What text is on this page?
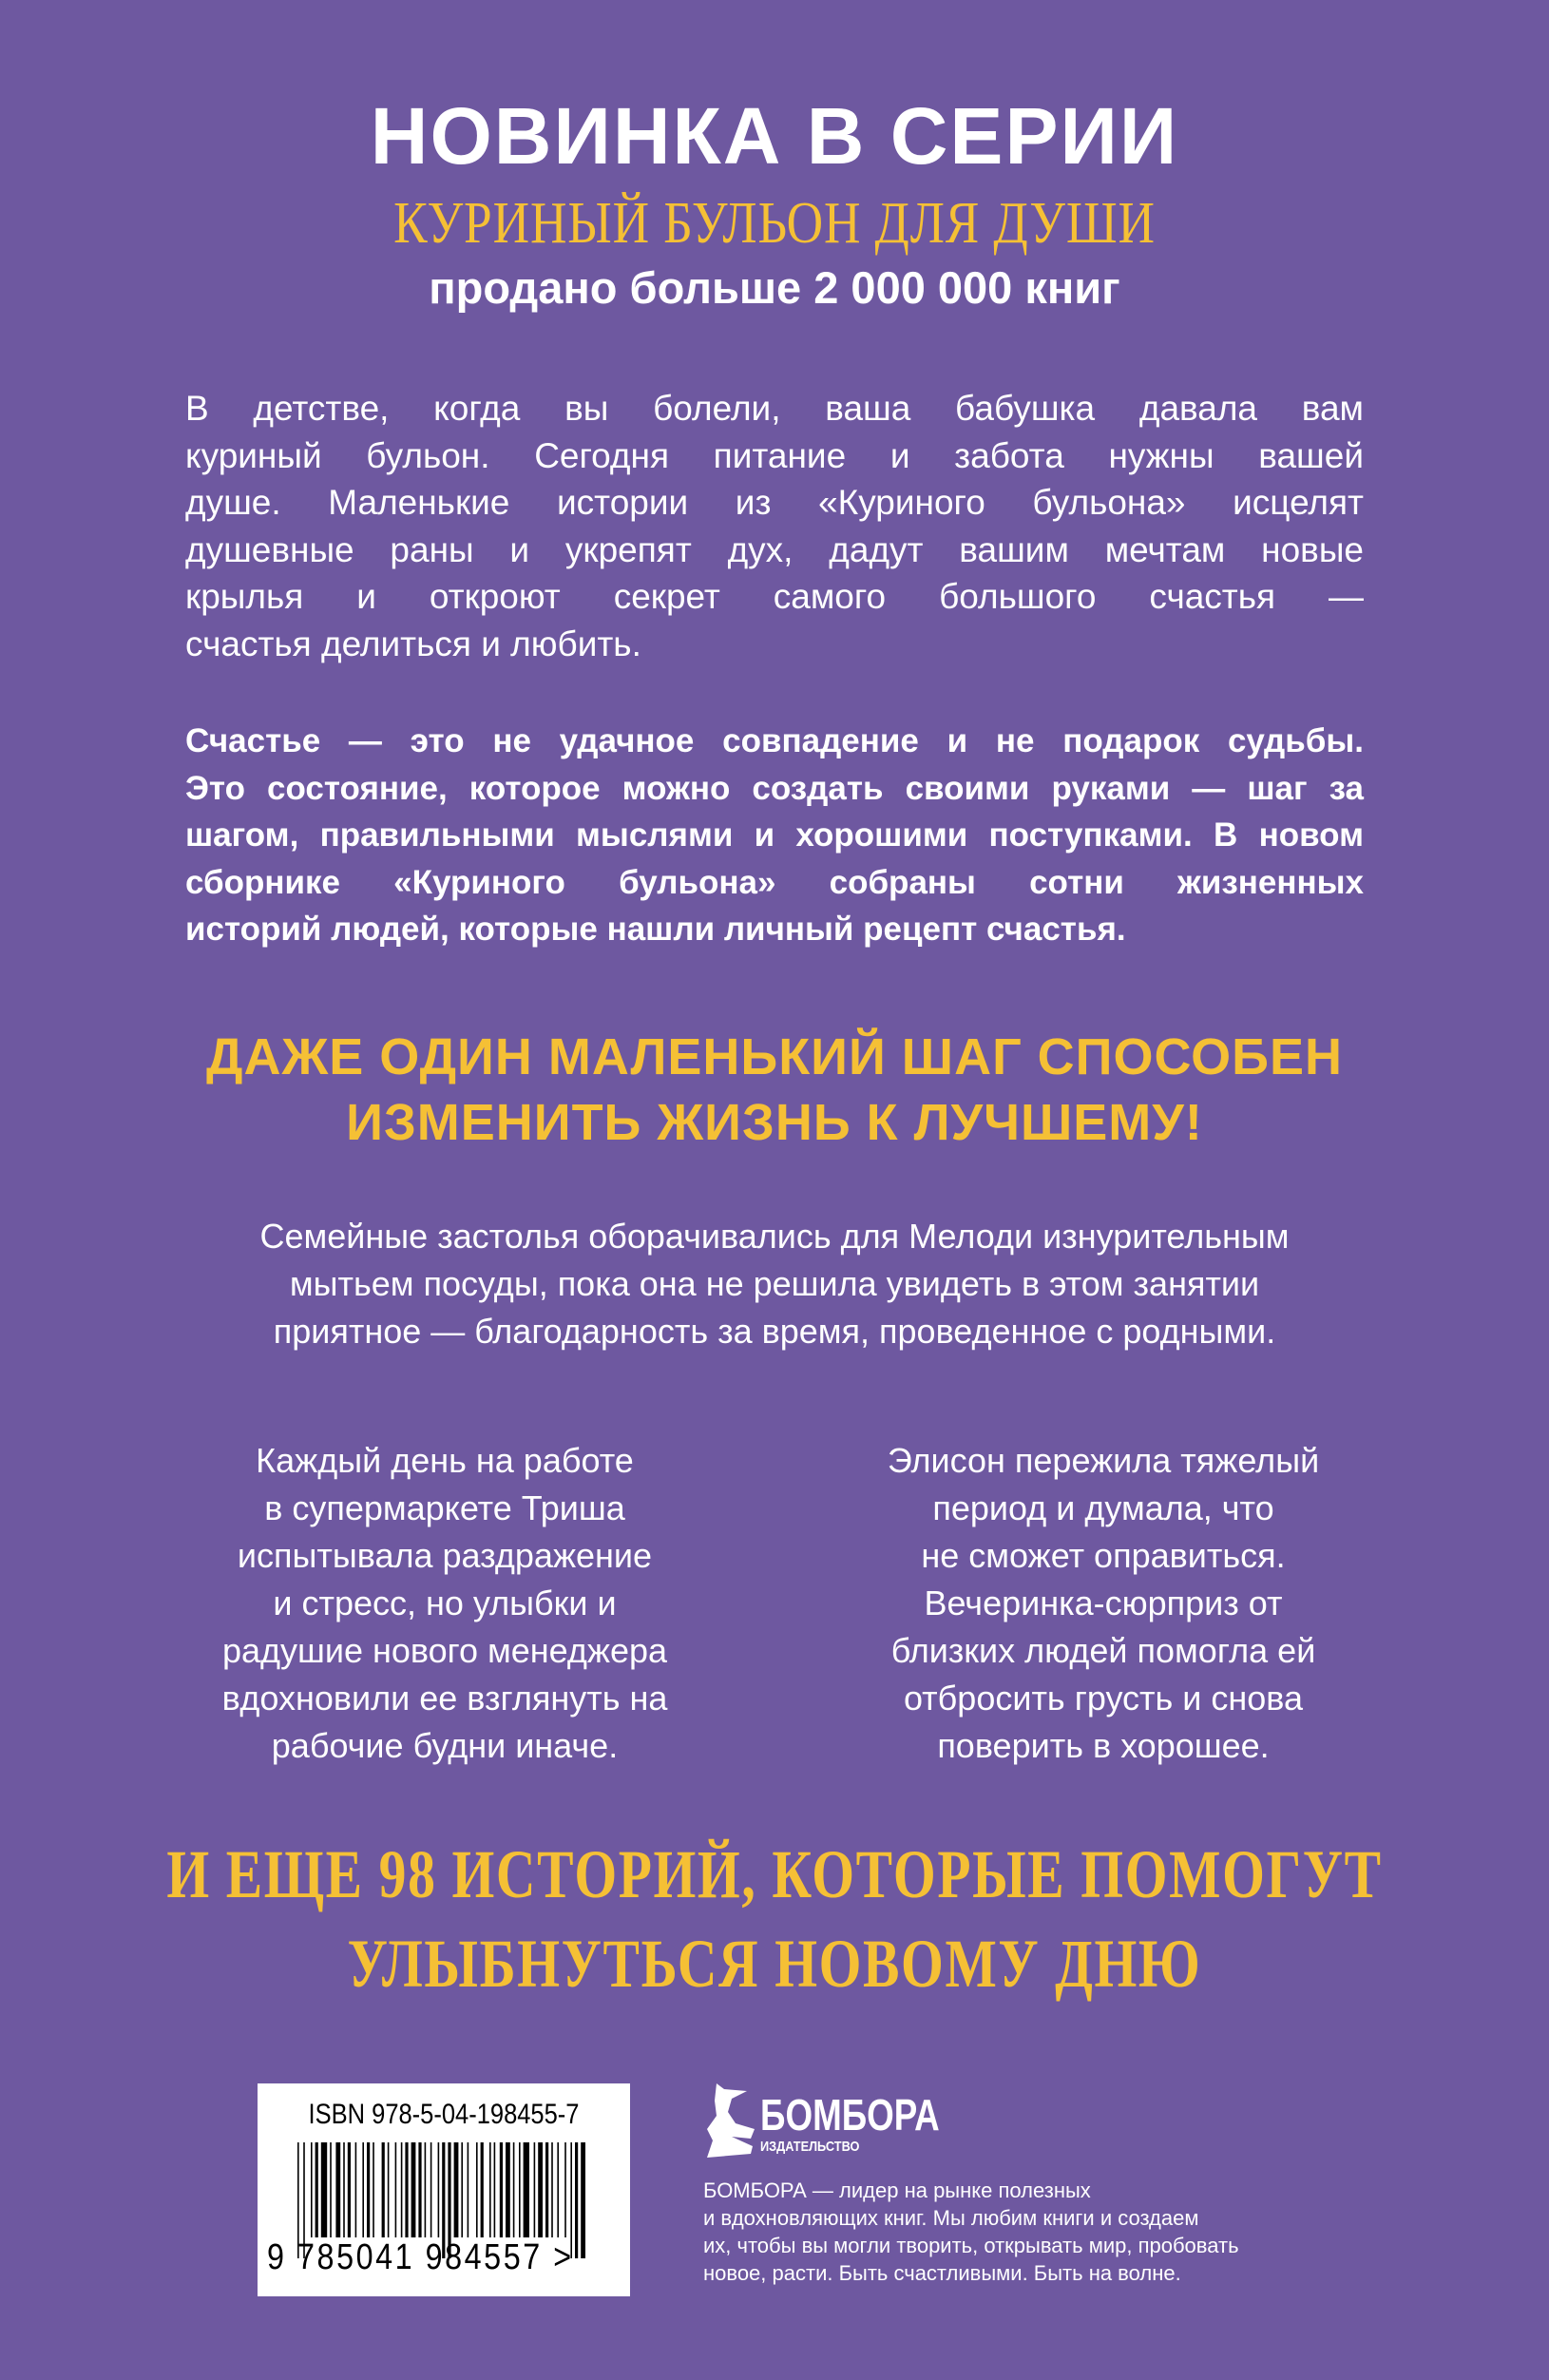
НОВИНКА В СЕРИИ
КУРИНЫЙ БУЛЬОН ДЛЯ ДУШИ
продано больше 2 000 000 книг
В детстве, когда вы болели, ваша бабушка давала вам
куриный бульон. Сегодня питание и забота нужны вашей
душе. Маленькие истории из «Куриного бульона» исцелят
душевные раны и укрепят дух, дадут вашим мечтам новые
крылья и откроют секрет самого большого счастья —
счастья делиться и любить.
Счастье — это не удачное совпадение и не подарок судьбы.
Это состояние, которое можно создать своими руками — шаг за
шагом, правильными мыслями и хорошими поступками. В новом
сборнике «Куриного бульона» собраны сотни жизненных
историй людей, которые нашли личный рецепт счастья.
ДАЖЕ ОДИН МАЛЕНЬКИЙ ШАГ СПОСОБЕН
ИЗМЕНИТЬ ЖИЗНЬ К ЛУЧШЕМУ!
Семейные застолья оборачивались для Мелоди изнурительным
мытьем посуды, пока она не решила увидеть в этом занятии
приятное — благодарность за время, проведенное с родными.
Каждый день на работе
в супермаркете Триша
испытывала раздражение
и стресс, но улыбки и
радушие нового менеджера
вдохновили ее взглянуть на
рабочие будни иначе.
Элисон пережила тяжелый
период и думала, что
не сможет оправиться.
Вечеринка-сюрприз от
близких людей помогла ей
отбросить грусть и снова
поверить в хорошее.
И ЕЩЕ 98 ИСТОРИЙ, КОТОРЫЕ ПОМОГУТ
УЛЫБНУТЬСЯ НОВОМУ ДНЮ
ISBN 978-5-04-198455-7
9 785041 984557 >
БОМБОРА
ИЗДАТЕЛЬСТВО
БОМБОРА — лидер на рынке полезных
и вдохновляющих книг. Мы любим книги и создаем
их, чтобы вы могли творить, открывать мир, пробовать
новое, расти. Быть счастливыми. Быть на волне.
